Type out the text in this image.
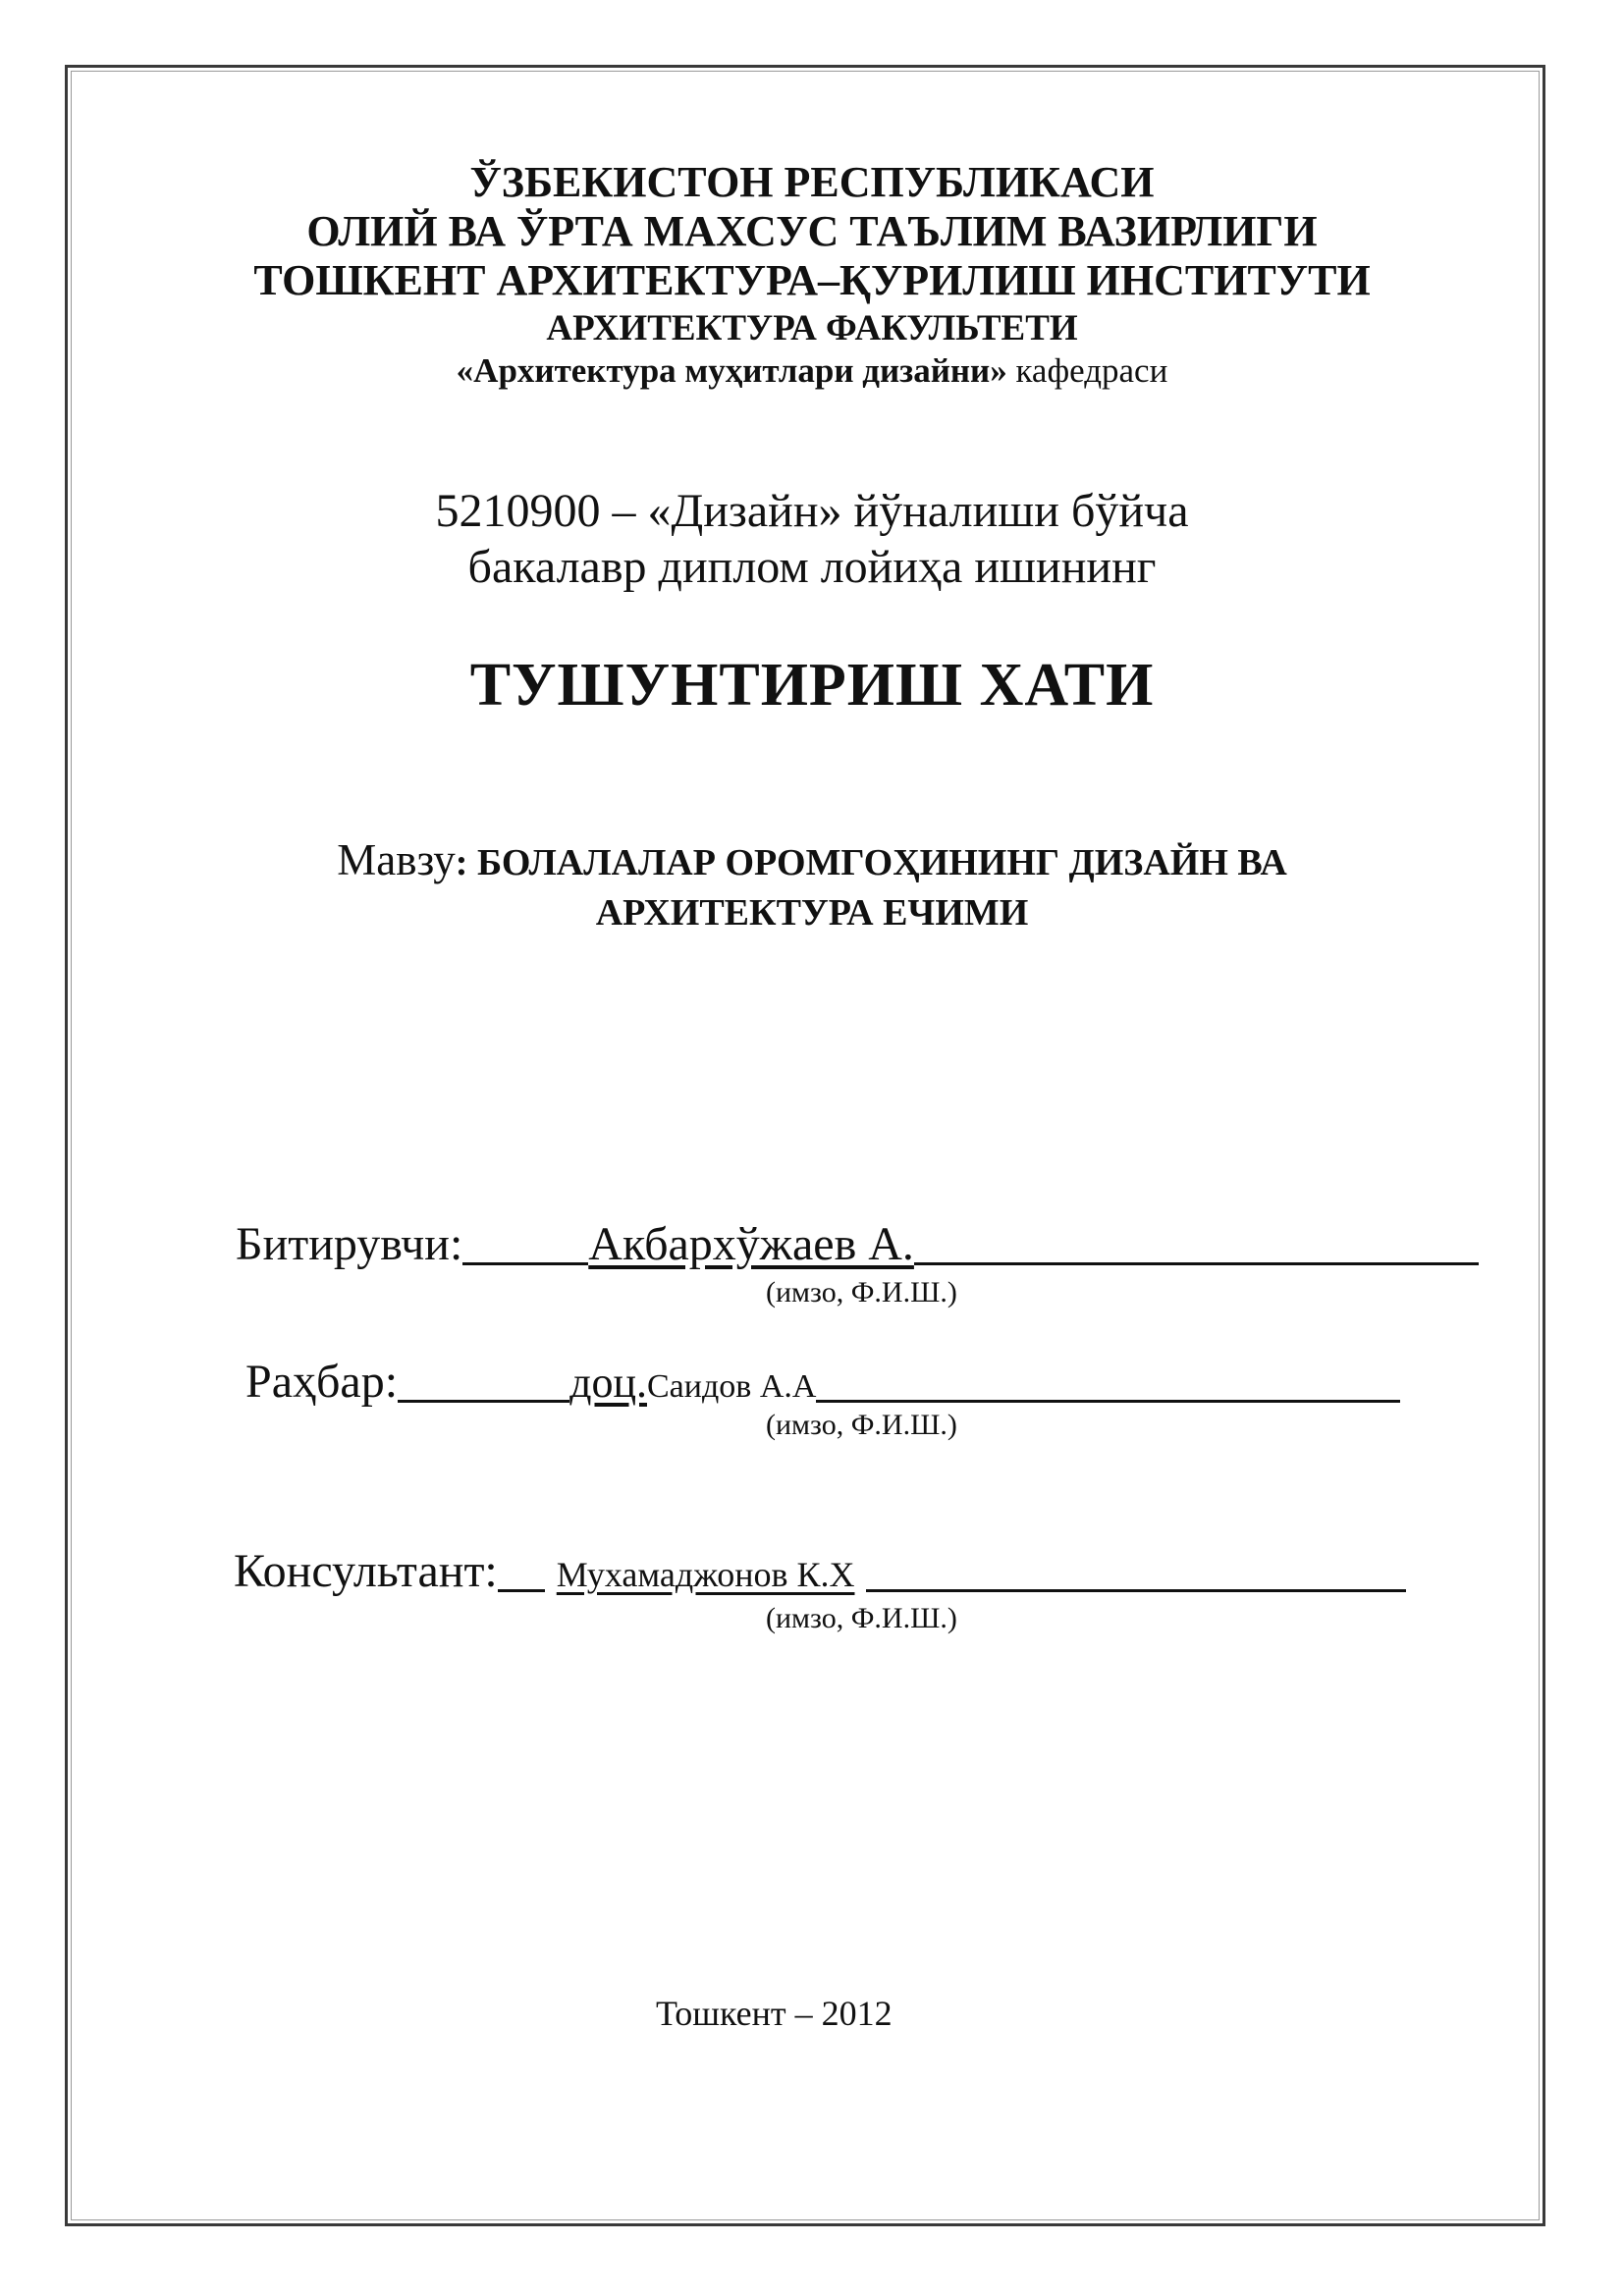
ЎЗБЕКИСТОН РЕСПУБЛИКАСИ
ОЛИЙ ВА ЎРТА МАХСУС ТАЪЛИМ ВАЗИРЛИГИ
ТОШКЕНТ АРХИТЕКТУРА–ҚУРИЛИШ ИНСТИТУТИ
АРХИТЕКТУРА ФАКУЛЬТЕТИ
«Архитектура муҳитлари дизайни» кафедраси
5210900 – «Дизайн» йўналиши бўйча
бакалавр диплом лойиҳа ишининг
ТУШУНТИРИШ ХАТИ
Мавзу: БОЛАЛАЛАР ОРОМГОҲИНИНГ ДИЗАЙН ВА
АРХИТЕКТУРА ЕЧИМИ
Битирувчи:	Акбархўжаев А.
(имзо, Ф.И.Ш.)
Раҳбар:	доц. Саидов А.А
(имзо, Ф.И.Ш.)
Консультант: Мухамаджонов К.Х
(имзо, Ф.И.Ш.)
Тошкент – 2012
